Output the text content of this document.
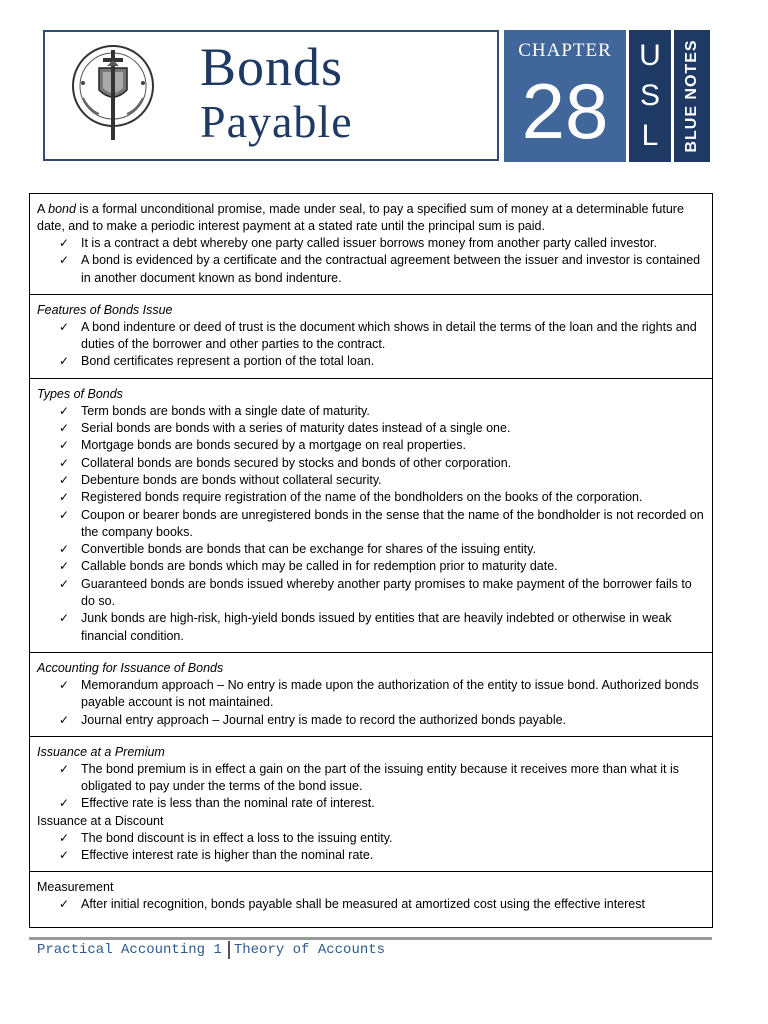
Bonds
Payable
CHAPTER
28
U
S
L BLUE NOTES
A bond is a formal unconditional promise, made under seal, to pay a specified sum of money at a determinable future date, and to make a periodic interest payment at a stated rate until the principal sum is paid.
✓ It is a contract a debt whereby one party called issuer borrows money from another party called investor.
✓ A bond is evidenced by a certificate and the contractual agreement between the issuer and investor is contained in another document known as bond indenture.
Features of Bonds Issue
✓ A bond indenture or deed of trust is the document which shows in detail the terms of the loan and the rights and duties of the borrower and other parties to the contract.
✓ Bond certificates represent a portion of the total loan.
Types of Bonds
✓ Term bonds are bonds with a single date of maturity.
✓ Serial bonds are bonds with a series of maturity dates instead of a single one.
✓ Mortgage bonds are bonds secured by a mortgage on real properties.
✓ Collateral bonds are bonds secured by stocks and bonds of other corporation.
✓ Debenture bonds are bonds without collateral security.
✓ Registered bonds require registration of the name of the bondholders on the books of the corporation.
✓ Coupon or bearer bonds are unregistered bonds in the sense that the name of the bondholder is not recorded on the company books.
✓ Convertible bonds are bonds that can be exchange for shares of the issuing entity.
✓ Callable bonds are bonds which may be called in for redemption prior to maturity date.
✓ Guaranteed bonds are bonds issued whereby another party promises to make payment of the borrower fails to do so.
✓ Junk bonds are high-risk, high-yield bonds issued by entities that are heavily indebted or otherwise in weak financial condition.
Accounting for Issuance of Bonds
✓ Memorandum approach – No entry is made upon the authorization of the entity to issue bond. Authorized bonds payable account is not maintained.
✓ Journal entry approach – Journal entry is made to record the authorized bonds payable.
Issuance at a Premium
✓ The bond premium is in effect a gain on the part of the issuing entity because it receives more than what it is obligated to pay under the terms of the bond issue.
✓ Effective rate is less than the nominal rate of interest.
Issuance at a Discount
✓ The bond discount is in effect a loss to the issuing entity.
✓ Effective interest rate is higher than the nominal rate.
Measurement
✓ After initial recognition, bonds payable shall be measured at amortized cost using the effective interest
Practical Accounting 1 Theory of Accounts
